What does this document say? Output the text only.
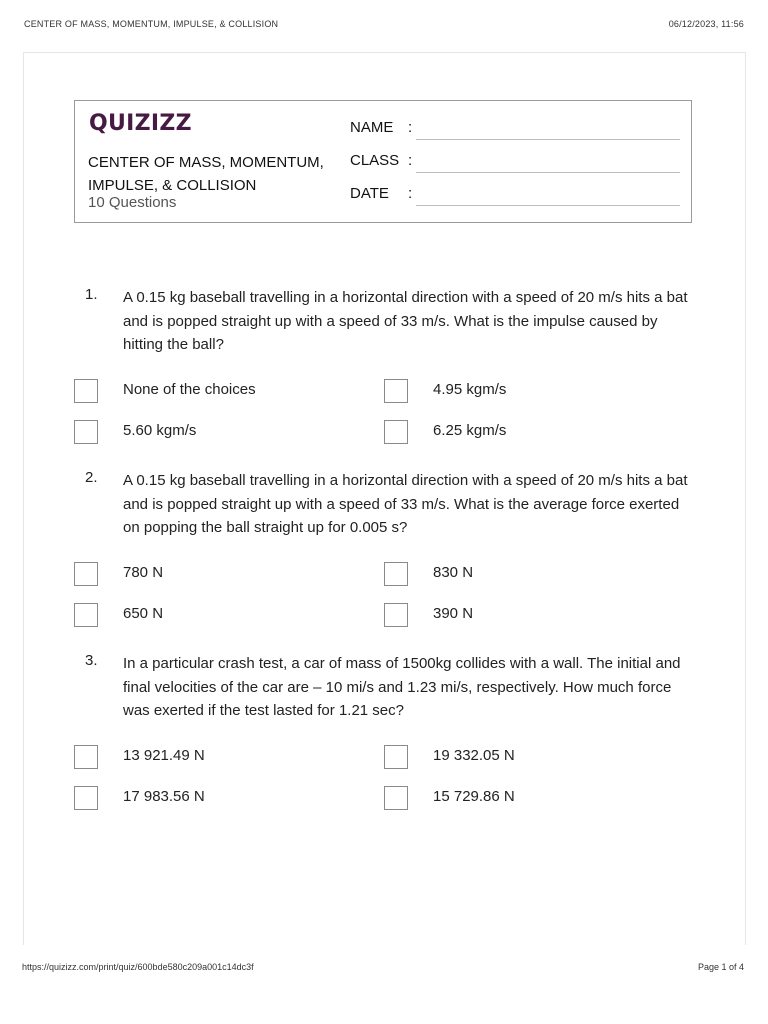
CENTER OF MASS, MOMENTUM, IMPULSE, & COLLISION	06/12/2023, 11:56
QUIZIZZ
CENTER OF MASS, MOMENTUM, IMPULSE, & COLLISION
10 Questions
NAME :
CLASS :
DATE :
1. A 0.15 kg baseball travelling in a horizontal direction with a speed of 20 m/s hits a bat and is popped straight up with a speed of 33 m/s. What is the impulse caused by hitting the ball?
None of the choices	4.95 kgm/s
5.60 kgm/s	6.25 kgm/s
2. A 0.15 kg baseball travelling in a horizontal direction with a speed of 20 m/s hits a bat and is popped straight up with a speed of 33 m/s. What is the average force exerted on popping the ball straight up for 0.005 s?
780 N	830 N
650 N	390 N
3. In a particular crash test, a car of mass of 1500kg collides with a wall. The initial and final velocities of the car are – 10 mi/s and 1.23 mi/s, respectively. How much force was exerted if the test lasted for 1.21 sec?
13 921.49 N	19 332.05 N
17 983.56 N	15 729.86 N
https://quizizz.com/print/quiz/600bde580c209a001c14dc3f	Page 1 of 4
